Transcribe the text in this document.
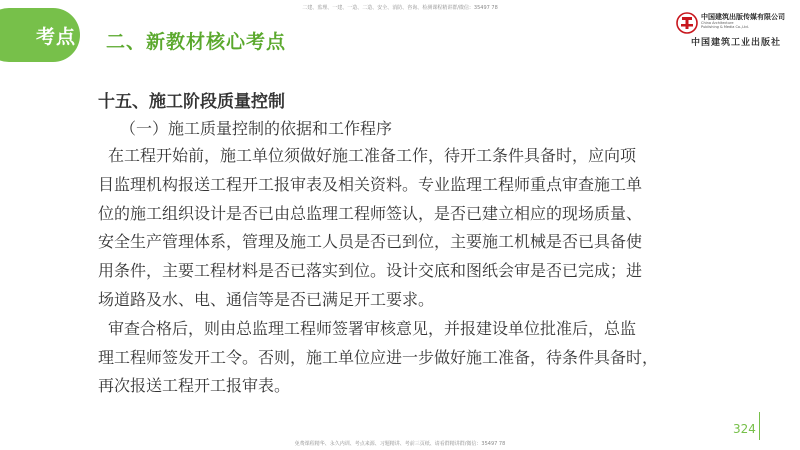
二建、监理、一建、一造、二造、安全、消防、咨询、检测课程精讲群/微信：35497 78
考点 二、新教材核心考点
中国建筑出版传媒有限公司
China Architecture
Publishing & Media Co.,Ltd.
中国建筑工业出版社
十五、施工阶段质量控制
（一）施工质量控制的依据和工作程序
在工程开始前，施工单位须做好施工准备工作，待开工条件具备时，应向项
目监理机构报送工程开工报审表及相关资料。专业监理工程师重点审查施工单
位的施工组织设计是否已由总监理工程师签认，是否已建立相应的现场质量、
安全生产管理体系，管理及施工人员是否已到位，主要施工机械是否已具备使
用条件，主要工程材料是否已落实到位。设计交底和图纸会审是否已完成；进
场道路及水、电、通信等是否已满足开工要求。
审查合格后，则由总监理工程师签署审核意见，并报建设单位批准后，总监
理工程师签发开工令。否则，施工单位应进一步做好施工准备，待条件具备时，
再次报送工程开工报审表。
324
免费课程精华、永久内训、考点来源、习题精讲、考前三页纸、请看群精讲群/微信：35497 78
